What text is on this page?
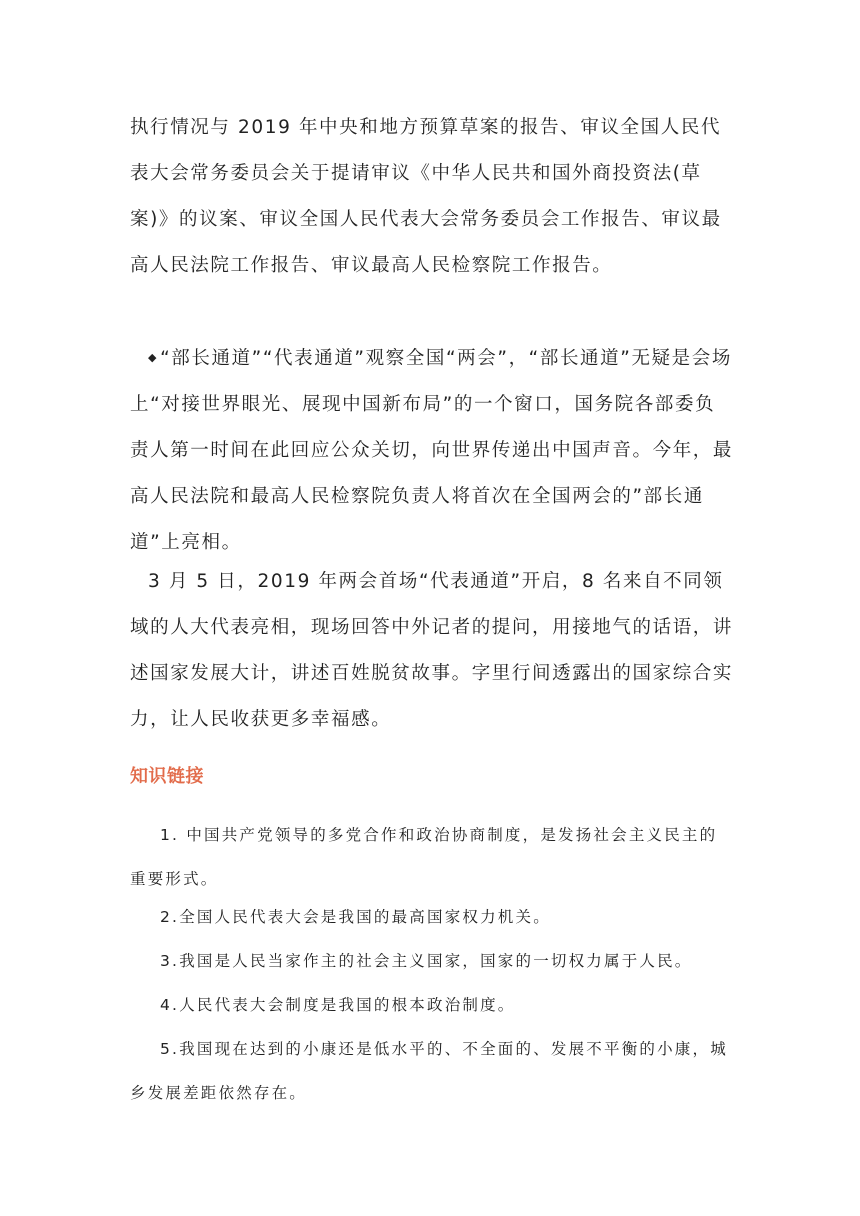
执行情况与 2019 年中央和地方预算草案的报告、审议全国人民代表大会常务委员会关于提请审议《中华人民共和国外商投资法(草案)》的议案、审议全国人民代表大会常务委员会工作报告、审议最高人民法院工作报告、审议最高人民检察院工作报告。

◆ “部长通道”“代表通道”观察全国“两会”，“部长通道”无疑是会场上“对接世界眼光、展现中国新布局”的一个窗口，国务院各部委负责人第一时间在此回应公众关切，向世界传递出中国声音。今年，最高人民法院和最高人民检察院负责人将首次在全国两会的”部长通道”上亮相。

3 月 5 日，2019 年两会首场“代表通道”开启，8 名来自不同领域的人大代表亮相，现场回答中外记者的提问，用接地气的话语，讲述国家发展大计，讲述百姓脱贫故事。字里行间透露出的国家综合实力，让人民收获更多幸福感。

知识链接

1. 中国共产党领导的多党合作和政治协商制度，是发扬社会主义民主的重要形式。

2.全国人民代表大会是我国的最高国家权力机关。

3.我国是人民当家作主的社会主义国家，国家的一切权力属于人民。

4.人民代表大会制度是我国的根本政治制度。

5.我国现在达到的小康还是低水平的、不全面的、发展不平衡的小康，城乡发展差距依然存在。
